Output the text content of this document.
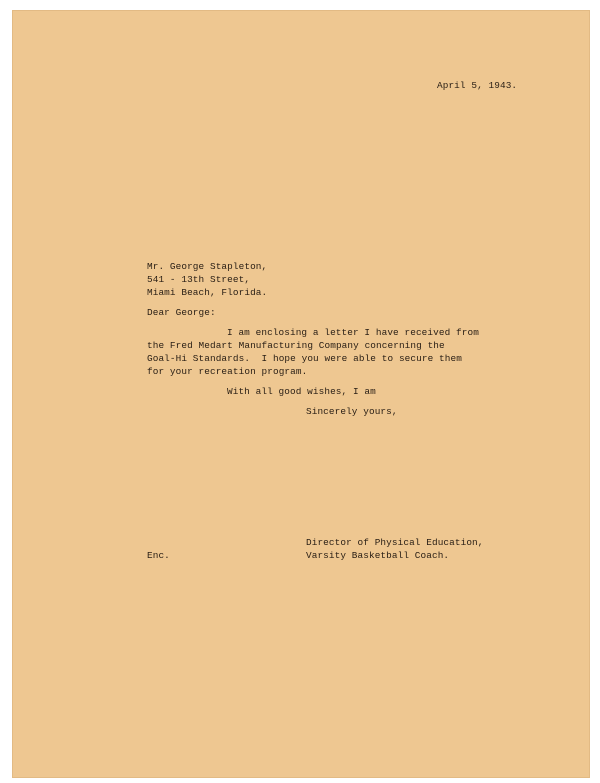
April 5, 1943.
Mr. George Stapleton,
541 - 13th Street,
Miami Beach, Florida.
Dear George:
I am enclosing a letter I have received from
the Fred Medart Manufacturing Company concerning the
Goal-Hi Standards.  I hope you were able to secure them
for your recreation program.
With all good wishes, I am
Sincerely yours,
Director of Physical Education,
Varsity Basketball Coach.
Enc.
